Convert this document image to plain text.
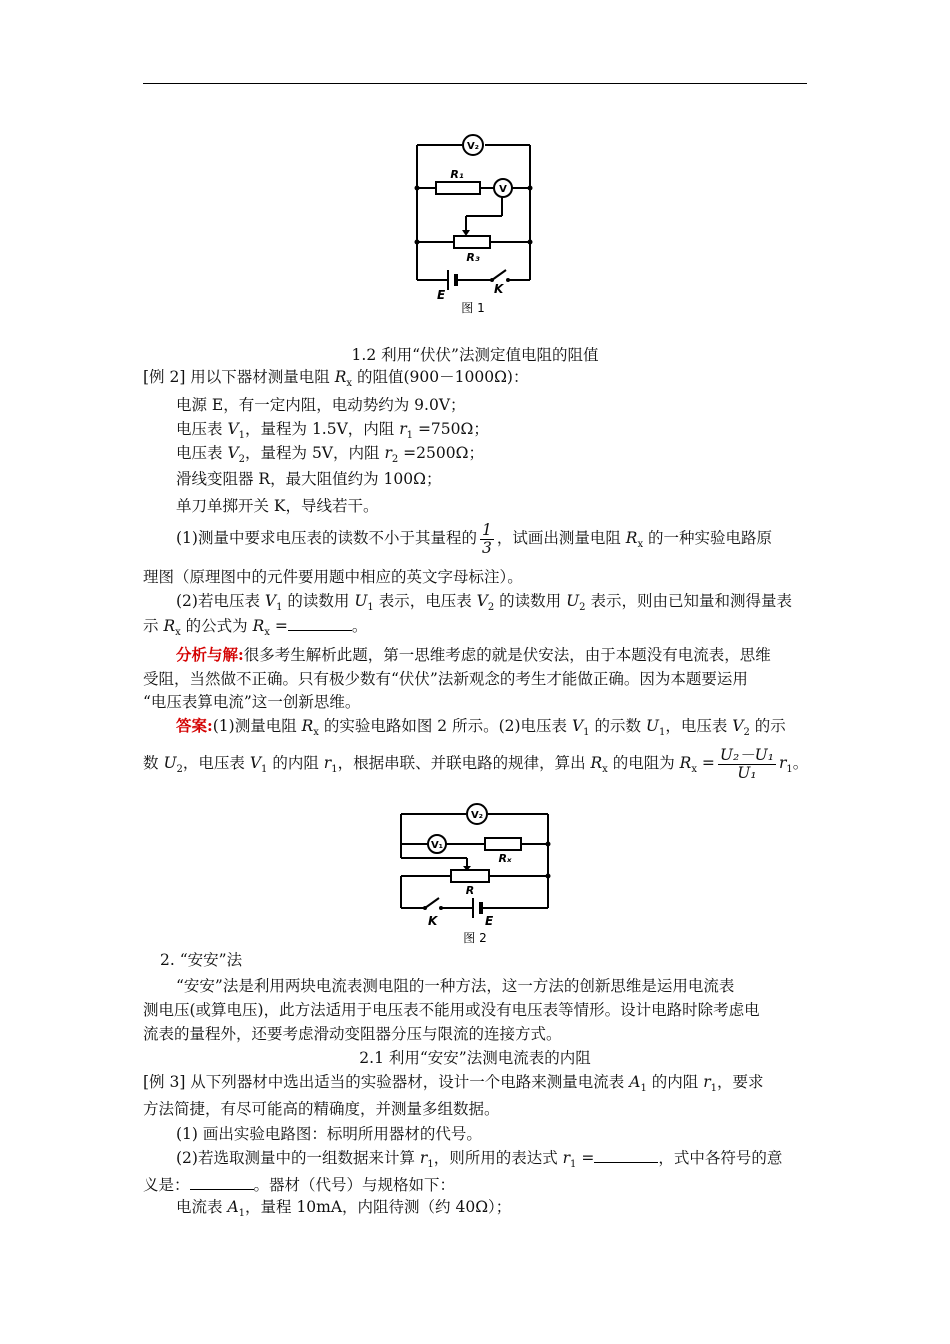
V₂
V
R₁
R₃
E	K
图 1
1.2 利用“伏伏”法测定值电阻的阻值
[例 2] 用以下器材测量电阻 $R_x$ 的阻值(900－1000Ω)：
电源 E，有一定内阻，电动势约为 9.0V；
电压表 $V_1$，量程为 1.5V，内阻 $r_1 =750\Omega$；
电压表 $V_2$，量程为 5V，内阻 $r_2 =2500\Omega$；
滑线变阻器 R，最大阻值约为 100Ω；
单刀单掷开关 K，导线若干。
(1)测量中要求电压表的读数不小于其量程的 $\frac{1}{3}$ ，试画出测量电阻 $R_x$ 的一种实验电路原
理图（原理图中的元件要用题中相应的英文字母标注）。
(2)若电压表 $V_1$ 的读数用 $U_1$ 表示，电压表 $V_2$ 的读数用 $U_2$ 表示，则由已知量和测得量表
示 $R_x$ 的公式为 $R_x$ =	。
分析与解:很多考生解析此题，第一思维考虑的就是伏安法，由于本题没有电流表，思维
受阻，当然做不正确。只有极少数有“伏伏”法新观念的考生才能做正确。因为本题要运用
“电压表算电流”这一创新思维。
答案:(1)测量电阻 $R_x$ 的实验电路如图 2 所示。(2)电压表 $V_1$ 的示数 $U_1$，电压表 $V_2$ 的示
数 $U_2$，电压表 $V_1$ 的内阻 $r_1$，根据串联、并联电路的规律，算出 $R_x$ 的电阻为 $R_x = \frac{\text{U₂－U₁}}{\text{U₁}} r_1$。
V₂
V₁
Rₓ
R
K	E
图 2
2. “安安”法
“安安”法是利用两块电流表测电阻的一种方法，这一方法的创新思维是运用电流表
测电压(或算电压)，此方法适用于电压表不能用或没有电压表等情形。设计电路时除考虑电
流表的量程外，还要考虑滑动变阻器分压与限流的连接方式。
2.1 利用“安安”法测电流表的内阻
[例 3] 从下列器材中选出适当的实验器材，设计一个电路来测量电流表 $A_1$ 的内阻 $r_1$，要求
方法简捷，有尽可能高的精确度，并测量多组数据。
(1) 画出实验电路图：标明所用器材的代号。
(2)若选取测量中的一组数据来计算 $r_1$，则所用的表达式 $r_1$ =	，式中各符号的意
义是：	。器材（代号）与规格如下：
电流表 $A_1$，量程 10mA，内阻待测（约 40Ω）；
